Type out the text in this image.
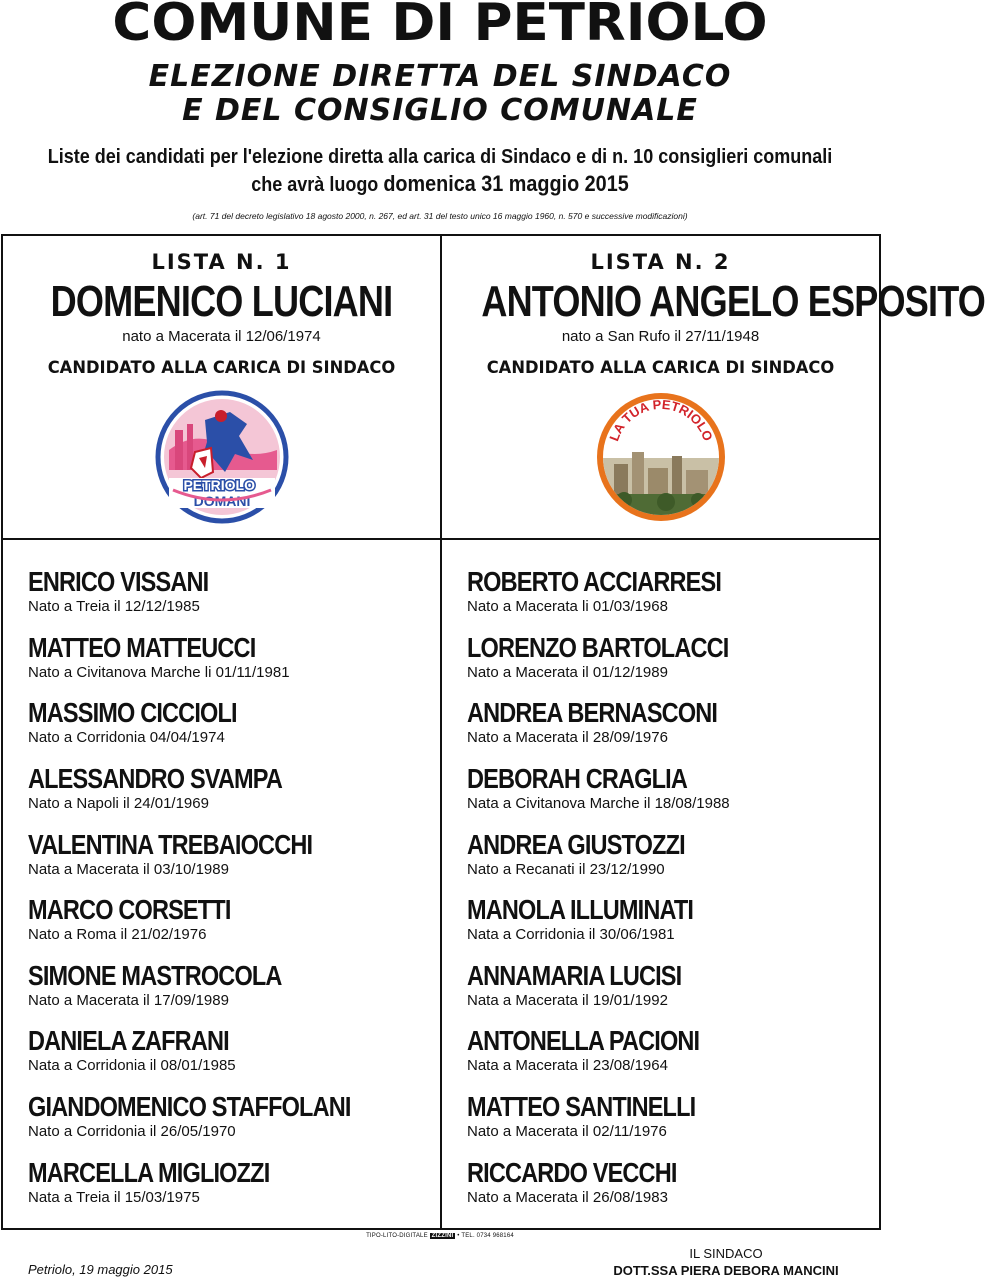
COMUNE DI PETRIOLO
ELEZIONE DIRETTA DEL SINDACO
E DEL CONSIGLIO COMUNALE
Liste dei candidati per l'elezione diretta alla carica di Sindaco e di n. 10 consiglieri comunali
che avrà luogo domenica 31 maggio 2015
(art. 71 del decreto legislativo 18 agosto 2000, n. 267, ed art. 31 del testo unico 16 maggio 1960, n. 570 e successive modificazioni)
LISTA N. 1
DOMENICO LUCIANI
nato a Macerata il 12/06/1974
CANDIDATO ALLA CARICA DI SINDACO
PETRIOLO
DOMANI
LISTA N. 2
ANTONIO ANGELO ESPOSITO
nato a San Rufo il 27/11/1948
CANDIDATO ALLA CARICA DI SINDACO
LA TUA PETRIOLO
ENRICO VISSANI
Nato a Treia il 12/12/1985
MATTEO MATTEUCCI
Nato a Civitanova Marche li 01/11/1981
MASSIMO CICCIOLI
Nato a Corridonia 04/04/1974
ALESSANDRO SVAMPA
Nato a Napoli il 24/01/1969
VALENTINA TREBAIOCCHI
Nata a Macerata il 03/10/1989
MARCO CORSETTI
Nato a Roma il 21/02/1976
SIMONE MASTROCOLA
Nato a Macerata il 17/09/1989
DANIELA ZAFRANI
Nata a Corridonia il 08/01/1985
GIANDOMENICO STAFFOLANI
Nato a Corridonia il 26/05/1970
MARCELLA MIGLIOZZI
Nata a Treia il 15/03/1975
ROBERTO ACCIARRESI
Nato a Macerata li 01/03/1968
LORENZO BARTOLACCI
Nato a Macerata il 01/12/1989
ANDREA BERNASCONI
Nato a Macerata il 28/09/1976
DEBORAH CRAGLIA
Nata a Civitanova Marche il 18/08/1988
ANDREA GIUSTOZZI
Nato a Recanati il 23/12/1990
MANOLA ILLUMINATI
Nata a Corridonia il 30/06/1981
ANNAMARIA LUCISI
Nata a Macerata il 19/01/1992
ANTONELLA PACIONI
Nata a Macerata il 23/08/1964
MATTEO SANTINELLI
Nato a Macerata il 02/11/1976
RICCARDO VECCHI
Nato a Macerata il 26/08/1983
TIPO-LITO-DIGITALE ZIZZINI • TEL. 0734 968164
Petriolo, 19 maggio 2015
IL SINDACO
DOTT.SSA PIERA DEBORA MANCINI
